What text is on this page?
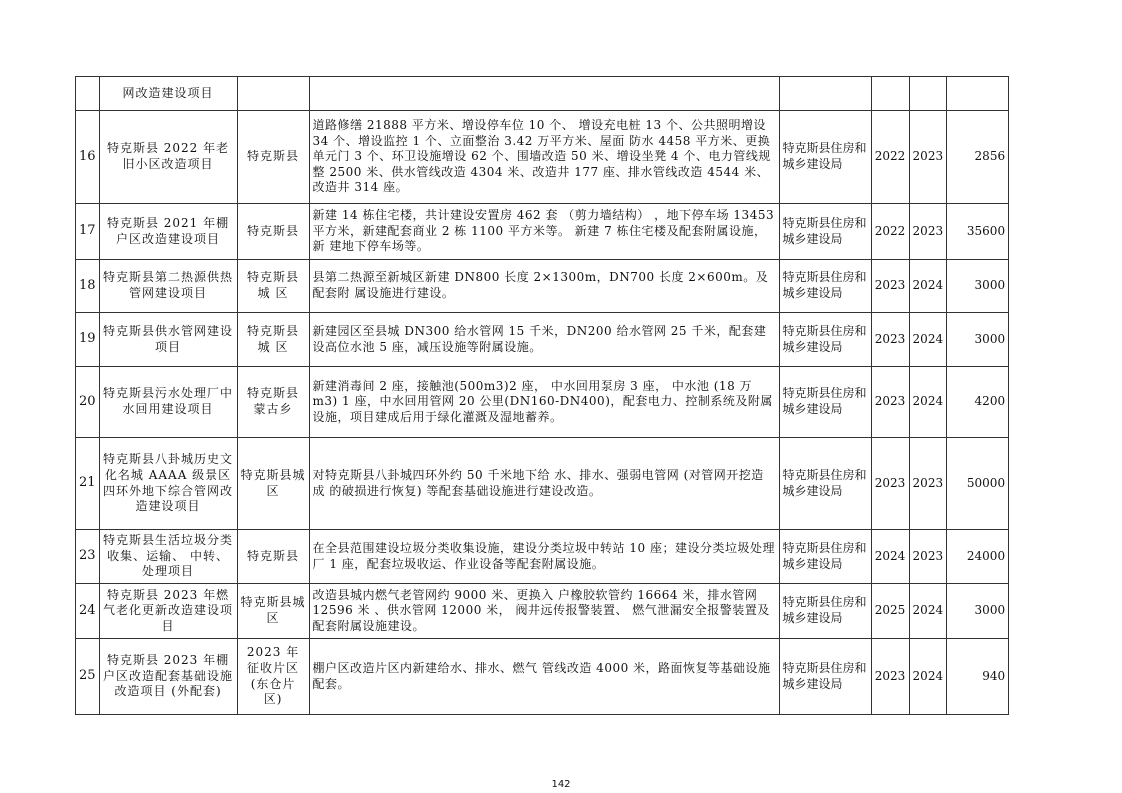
	网改造建设项目						
16	特克斯县 2022 年老旧小区改造项目	特克斯县	道路修缮 21888 平方米、增设停车位 10 个、 增设充电桩 13 个、公共照明增设 34 个、增设监控 1 个、立面整治 3.42 万平方米、屋面 防水 4458 平方米、更换单元门 3 个、环卫设施增设 62 个、围墙改造 50 米、增设坐凳 4 个、电力管线规整 2500 米、供水管线改造 4304 米、改造井 177 座、排水管线改造 4544 米、改造井 314 座。	特克斯县住房和城乡建设局	2022	2023	2856
17	特克斯县 2021 年棚户区改造建设项目	特克斯县	新建 14 栋住宅楼，共计建设安置房 462 套 （剪力墙结构） ，地下停车场 13453 平方米，新建配套商业 2 栋 1100 平方米等。 新建 7 栋住宅楼及配套附属设施，新 建地下停车场等。	特克斯县住房和城乡建设局	2022	2023	35600
18	特克斯县第二热源供热管网建设项目	特克斯县 城 区	县第二热源至新城区新建 DN800 长度 2×1300m，DN700 长度 2×600m。及配套附 属设施进行建设。	特克斯县住房和城乡建设局	2023	2024	3000
19	特克斯县供水管网建设项目	特克斯县 城 区	新建园区至县城 DN300 给水管网 15 千米，DN200 给水管网 25 千米，配套建设高位水池 5 座，减压设施等附属设施。	特克斯县住房和城乡建设局	2023	2024	3000
20	特克斯县污水处理厂中水回用建设项目	特克斯县 蒙古乡	新建消毒间 2 座，接触池(500m3)2 座， 中水回用泵房 3 座， 中水池 (18 万 m3) 1 座，中水回用管网 20 公里(DN160-DN400)，配套电力、控制系统及附属设施，项目建成后用于绿化灌溉及湿地蓄养。	特克斯县住房和城乡建设局	2023	2024	4200
21	特克斯县八卦城历史文化名城 AAAA 级景区四环外地下综合管网改造建设项目	特克斯县城区	对特克斯县八卦城四环外约 50 千米地下给 水、排水、强弱电管网 (对管网开挖造成 的破损进行恢复) 等配套基础设施进行建设改造。	特克斯县住房和城乡建设局	2023	2023	50000
23	特克斯县生活垃圾分类收集、运输、 中转、处理项目	特克斯县	在全县范围建设垃圾分类收集设施，建设分类垃圾中转站 10 座；建设分类垃圾处理厂 1 座，配套垃圾收运、作业设备等配套附属设施。	特克斯县住房和城乡建设局	2024	2023	24000
24	特克斯县 2023 年燃气老化更新改造建设项目	特克斯县城区	改造县城内燃气老管网约 9000 米、更换入 户橡胶软管约 16664 米，排水管网 12596 米 、供水管网 12000 米， 阀井远传报警装置、 燃气泄漏安全报警装置及配套附属设施建设。	特克斯县住房和城乡建设局	2025	2024	3000
25	特克斯县 2023 年棚户区改造配套基础设施改造项目 (外配套)	2023 年征收片区(东仓片 区)	棚户区改造片区内新建给水、排水、燃气 管线改造 4000 米，路面恢复等基础设施配套。	特克斯县住房和城乡建设局	2023	2024	940
142
